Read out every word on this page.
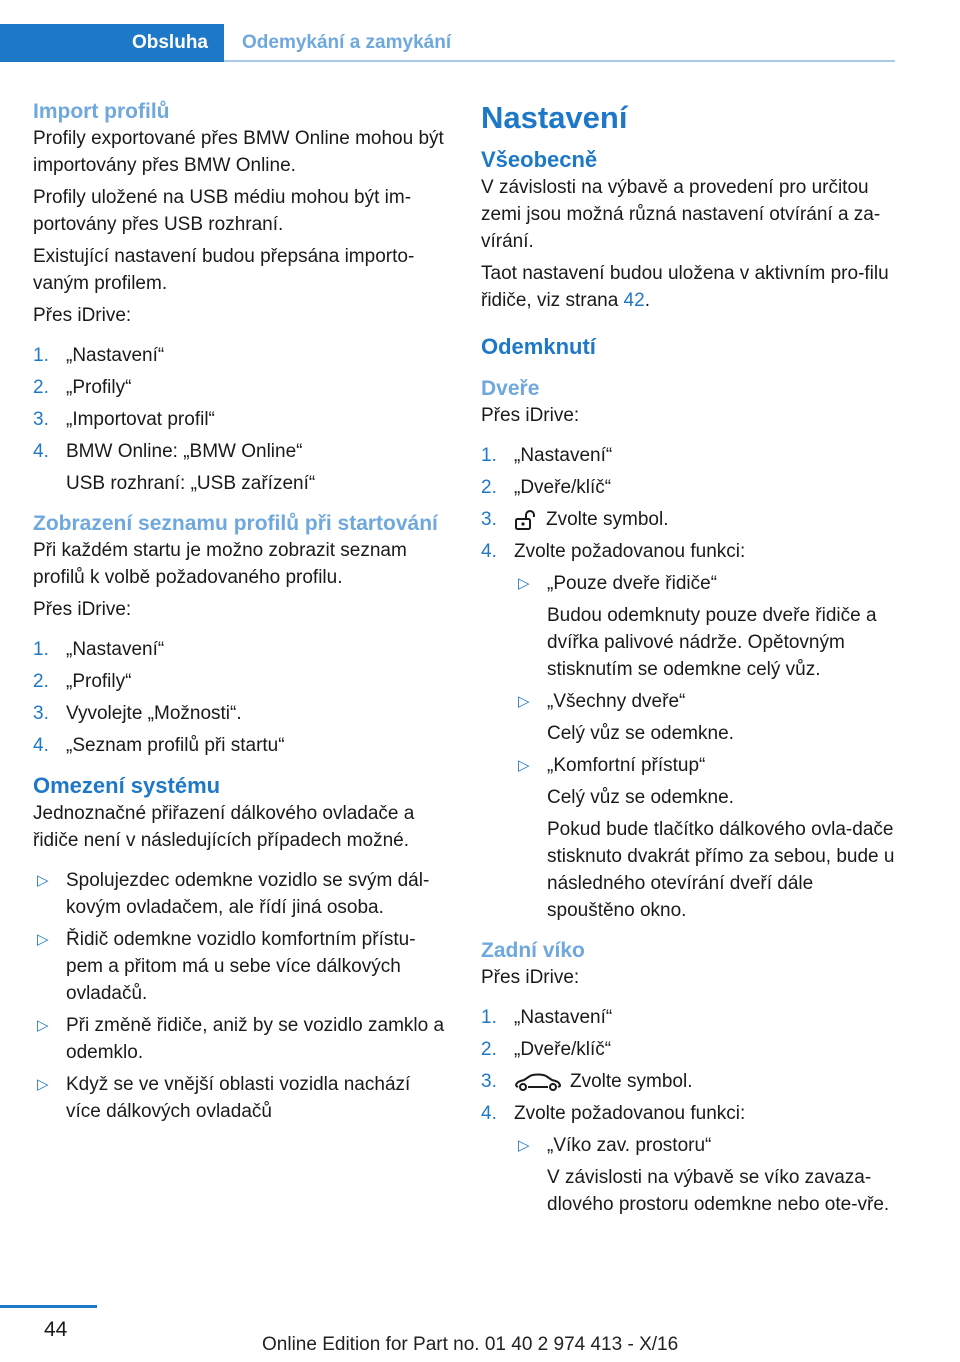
Obsluha	Odemykání a zamykání
Import profilů

Profily exportované přes BMW Online mohou být importovány přes BMW Online.

Profily uložené na USB médiu mohou být im‐portovány přes USB rozhraní.

Existující nastavení budou přepsána importo‐vaným profilem.

Přes iDrive:

1. „Nastavení“
2. „Profily“
3. „Importovat profil“
4. BMW Online: „BMW Online“

USB rozhraní: „USB zařízení“
Zobrazení seznamu profilů při startování

Při každém startu je možno zobrazit seznam profilů k volbě požadovaného profilu.

Přes iDrive:

1. „Nastavení“
2. „Profily“
3. Vyvolejte „Možnosti“.
4. „Seznam profilů při startu“
Omezení systému

Jednoznačné přiřazení dálkového ovladače a řidiče není v následujících případech možné.

▷ Spolujezdec odemkne vozidlo se svým dál‐kovým ovladačem, ale řídí jiná osoba.
▷ Řidič odemkne vozidlo komfortním přístu‐pem a přitom má u sebe více dálkových ovladačů.
▷ Při změně řidiče, aniž by se vozidlo zamklo a odemklo.
▷ Když se ve vnější oblasti vozidla nachází více dálkových ovladačů
Nastavení
Všeobecně

V závislosti na výbavě a provedení pro určitou zemi jsou možná různá nastavení otvírání a za‐vírání.

Taot nastavení budou uložena v aktivním pro‐filu řidiče, viz strana 42.

Odemknutí
Dveře

Přes iDrive:

1. „Nastavení“
2. „Dveře/klíč“
3.	Zvolte symbol.
4. Zvolte požadovanou funkci:
▷ „Pouze dveře řidiče“

Budou odemknuty pouze dveře řidiče a dvířka palivové nádrže. Opětovným stisknutím se odemkne celý vůz.

▷ „Všechny dveře“

Celý vůz se odemkne.

▷ „Komfortní přístup“

Celý vůz se odemkne.

Pokud bude tlačítko dálkového ovla‐dače stisknuto dvakrát přímo za sebou, bude u následného otevírání dveří dále spouštěno okno.

Zadní víko

Přes iDrive:

1. „Nastavení“
2. „Dveře/klíč“
3.	Zvolte symbol.
4. Zvolte požadovanou funkci:
▷ „Víko zav. prostoru“

V závislosti na výbavě se víko zavaza‐dlového prostoru odemkne nebo ote‐vře.

44
Online Edition for Part no. 01 40 2 974 413 - X/16
